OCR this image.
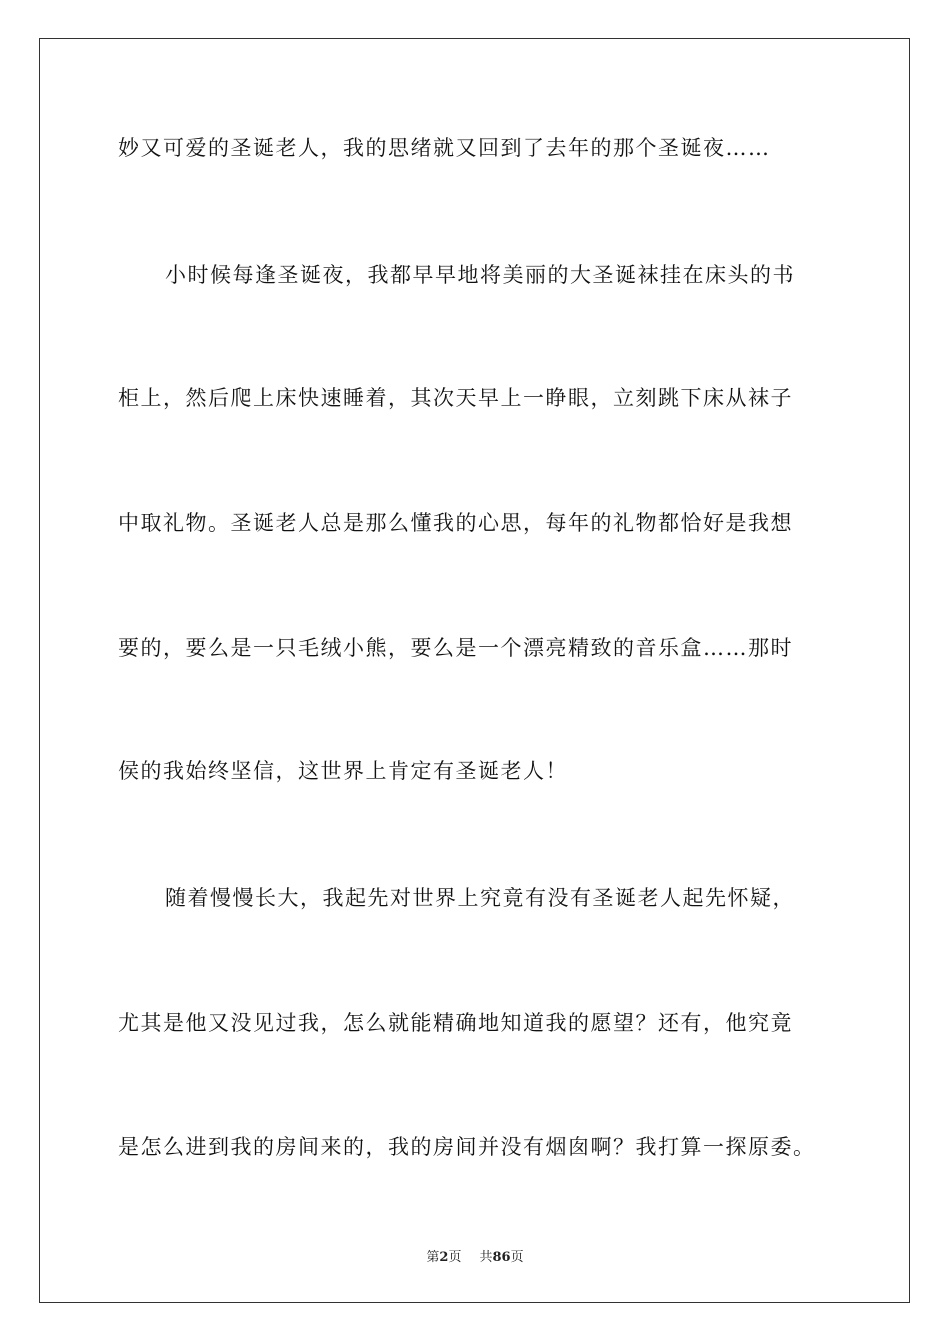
妙又可爱的圣诞老人，我的思绪就又回到了去年的那个圣诞夜……
小时候每逢圣诞夜，我都早早地将美丽的大圣诞袜挂在床头的书
柜上，然后爬上床快速睡着，其次天早上一睁眼，立刻跳下床从袜子
中取礼物。圣诞老人总是那么懂我的心思，每年的礼物都恰好是我想
要的，要么是一只毛绒小熊，要么是一个漂亮精致的音乐盒……那时
侯的我始终坚信，这世界上肯定有圣诞老人！
随着慢慢长大，我起先对世界上究竟有没有圣诞老人起先怀疑，
尤其是他又没见过我，怎么就能精确地知道我的愿望？还有，他究竟
是怎么进到我的房间来的，我的房间并没有烟囱啊？我打算一探原委。
第2页 共86页
